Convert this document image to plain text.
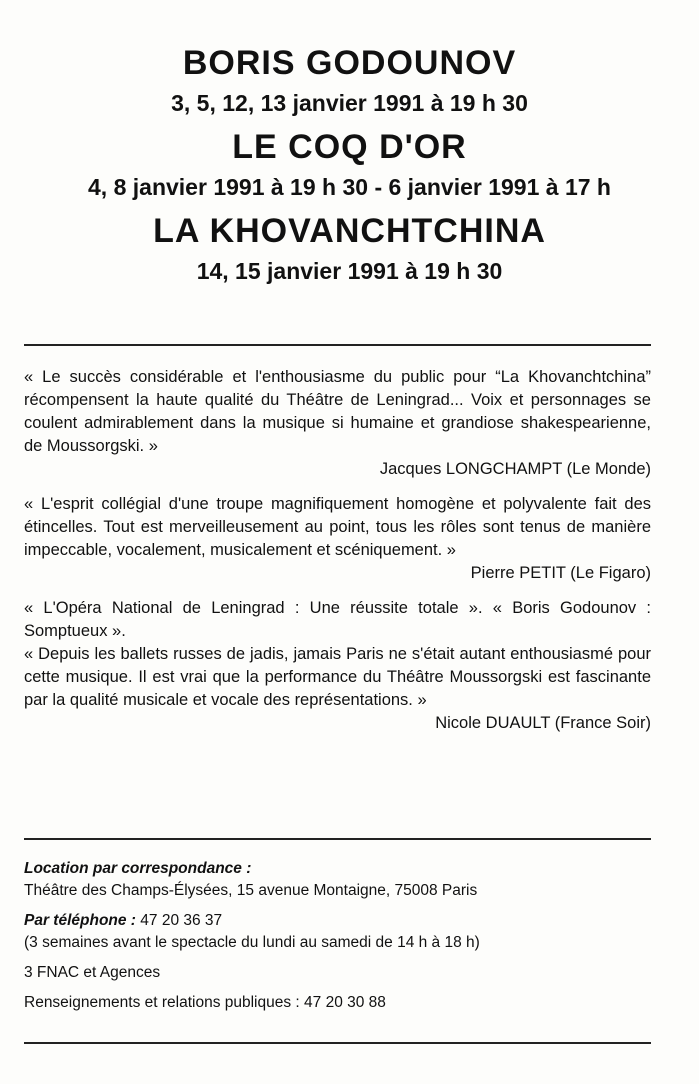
BORIS GODOUNOV

3, 5, 12, 13 janvier 1991 à 19 h 30

LE COQ D'OR

4, 8 janvier 1991 à 19 h 30 - 6 janvier 1991 à 17 h

LA KHOVANCHTCHINA

14, 15 janvier 1991 à 19 h 30

« Le succès considérable et l'enthousiasme du public pour “La Khovanchtchina” récompensent la haute qualité du Théâtre de Leningrad... Voix et personnages se coulent admirablement dans la musique si humaine et grandiose shakespearienne, de Moussorgski. »

Jacques LONGCHAMPT (Le Monde)

« L'esprit collégial d'une troupe magnifiquement homogène et polyvalente fait des étincelles. Tout est merveilleusement au point, tous les rôles sont tenus de manière impeccable, vocalement, musicalement et scéniquement. »

Pierre PETIT (Le Figaro)

« L'Opéra National de Leningrad : Une réussite totale ». « Boris Godounov : Somptueux ».

« Depuis les ballets russes de jadis, jamais Paris ne s'était autant enthousiasmé pour cette musique. Il est vrai que la performance du Théâtre Moussorgski est fascinante par la qualité musicale et vocale des représentations. »

Nicole DUAULT (France Soir)

Location par correspondance :

Théâtre des Champs-Élysées, 15 avenue Montaigne, 75008 Paris

Par téléphone : 47 20 36 37

(3 semaines avant le spectacle du lundi au samedi de 14 h à 18 h)

3 FNAC et Agences

Renseignements et relations publiques : 47 20 30 88
